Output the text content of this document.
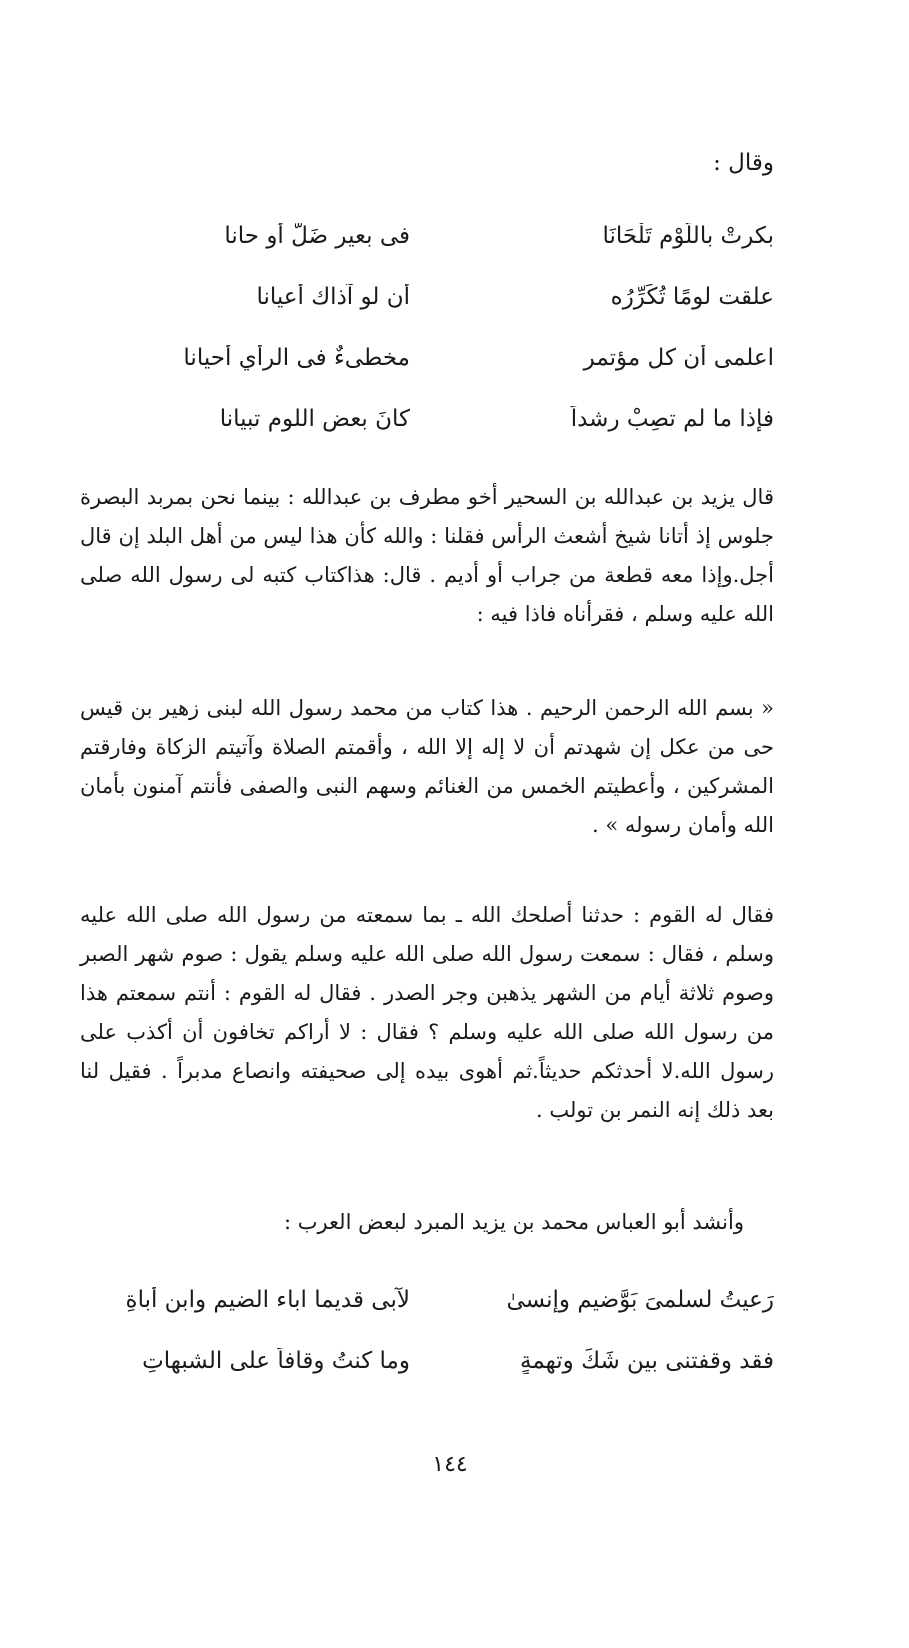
وقال :
بكرتْ باللَّوْم تَلْحَانَا
فى بعير ضَلَّ أو حانا
علقت لومًا تُكَرِّرُه
أن لو آذاك أعيانا
اعلمى أن كل مؤتمر
مخطىءٌ فى الرأيِ أحيانا
فإذا ما لم تصِبْ رشداً
كانَ بعض اللوم تبيانا

قال يزيد بن عبدالله بن السحير أخو مطرف بن عبدالله : بينما نحن بمربد البصرة جلوس إذ أتانا شيخ أشعث الرأس فقلنا : والله كأن هذا ليس من أهل البلد إن قال أجل.وإذا معه قطعة من جراب أو أديم . قال: هذاكتاب كتبه لى رسول الله صلى الله عليه وسلم ، فقرأناه فاذا فيه :

« بسم الله الرحمن الرحيم . هذا كتاب من محمد رسول الله لبنى زهير بن قيس حى من عكل إن شهدتم أن لا إله إلا الله ، وأقمتم الصلاة وآتيتم الزكاة وفارقتم المشركين ، وأعطيتم الخمس من الغنائم وسهم النبى والصفى فأنتم آمنون بأمان الله وأمان رسوله » .

فقال له القوم : حدثنا أصلحك الله ـ بما سمعته من رسول الله صلى الله عليه وسلم ، فقال : سمعت رسول الله صلى الله عليه وسلم يقول : صوم شهر الصبر وصوم ثلاثة أيام من الشهر يذهبن وجر الصدر . فقال له القوم : أنتم سمعتم هذا من رسول الله صلى الله عليه وسلم ؟ فقال : لا أراكم تخافون أن أكذب على رسول الله.لا أحدثكم حديثاً.ثم أهوى بيده إلى صحيفته وانصاع مدبراً . فقيل لنا بعد ذلك إنه النمر بن تولب .

وأنشد أبو العباس محمد بن يزيد المبرد لبعض العرب :

رَعيتُ لسلمىَ بَوَّضيم وإنسىٰ
لآبى قديما اباء الضيم وابن أُباةِ
فقد وقفتنى بين شَكٍّ وتهمةٍ
وما كنتُ وقافاً على الشبهاتِ
١٤٤
